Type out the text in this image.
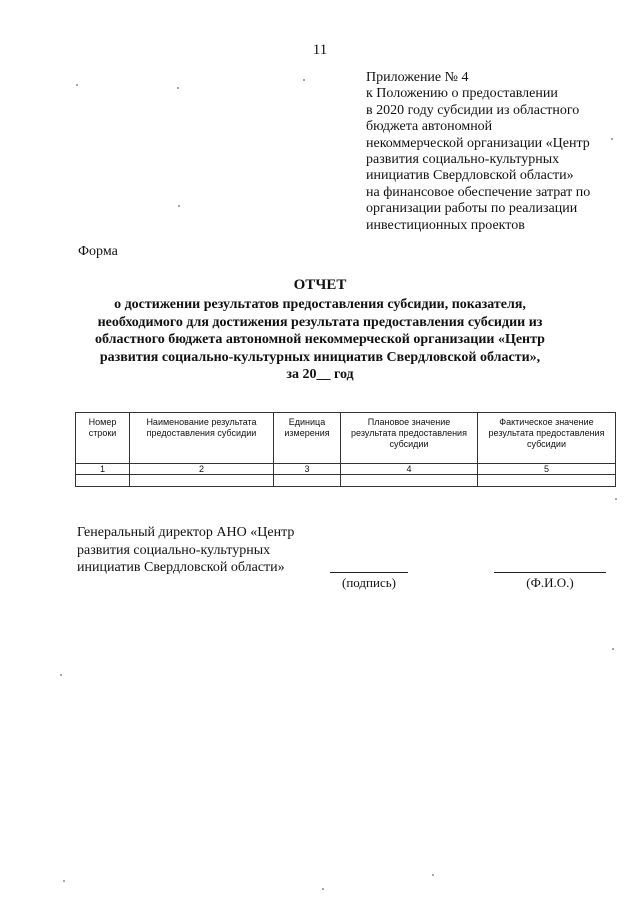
11
Приложение № 4
к Положению о предоставлении
в 2020 году субсидии из областного
бюджета автономной
некоммерческой организации «Центр
развития социально-культурных
инициатив Свердловской области»
на финансовое обеспечение затрат по
организации работы по реализации
инвестиционных проектов
Форма
ОТЧЕТ
о достижении результатов предоставления субсидии, показателя,
необходимого для достижения результата предоставления субсидии из
областного бюджета автономной некоммерческой организации «Центр
развития социально-культурных инициатив Свердловской области»,
за 20__ год
Номер строки	Наименование результата предоставления субсидии	Единица измерения	Плановое значение результата предоставления субсидии	Фактическое значение результата предоставления субсидии
1	2	3	4	5

Генеральный директор АНО «Центр
развития социально-культурных
инициатив Свердловской области»
(подпись)	(Ф.И.О.)
